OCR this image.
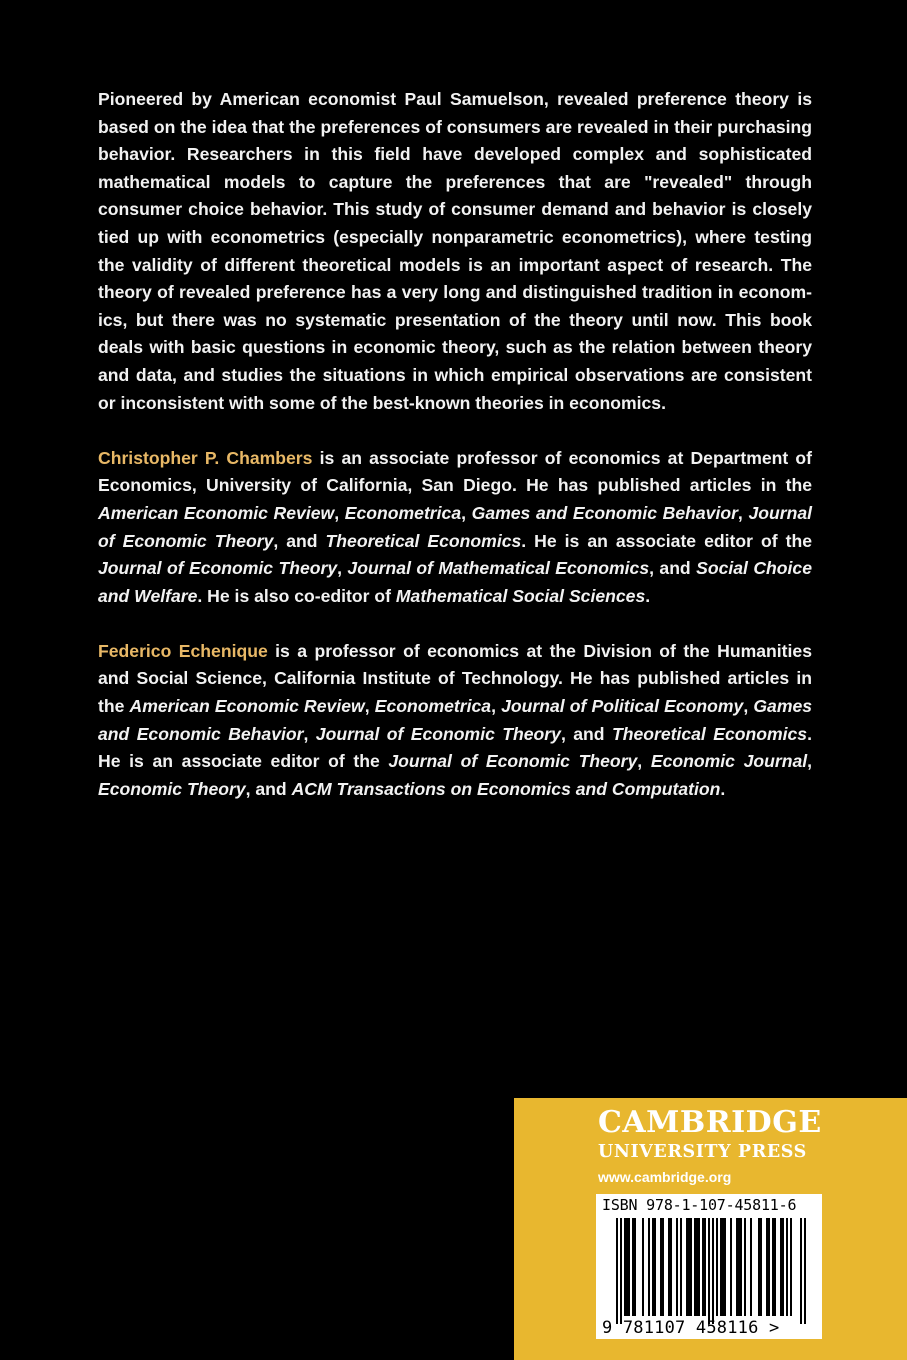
Pioneered by American economist Paul Samuelson, revealed preference theory is based on the idea that the preferences of consumers are revealed in their purchasing behavior. Researchers in this field have developed complex and sophisticated mathematical models to capture the preferences that are "revealed" through consumer choice behavior. This study of consumer demand and behavior is closely tied up with econometrics (especially nonparametric econometrics), where testing the validity of different theoretical models is an important aspect of research. The theory of revealed preference has a very long and distinguished tradition in economics, but there was no systematic presentation of the theory until now. This book deals with basic questions in economic theory, such as the relation between theory and data, and studies the situations in which empirical observations are consistent or inconsistent with some of the best-known theories in economics.

Christopher P. Chambers is an associate professor of economics at Department of Economics, University of California, San Diego. He has published articles in the American Economic Review, Econometrica, Games and Economic Behavior, Journal of Economic Theory, and Theoretical Economics. He is an associate editor of the Journal of Economic Theory, Journal of Mathematical Economics, and Social Choice and Welfare. He is also co-editor of Mathematical Social Sciences.

Federico Echenique is a professor of economics at the Division of the Humanities and Social Science, California Institute of Technology. He has published articles in the American Economic Review, Econometrica, Journal of Political Economy, Games and Economic Behavior, Journal of Economic Theory, and Theoretical Economics. He is an associate editor of the Journal of Economic Theory, Economic Journal, Economic Theory, and ACM Transactions on Economics and Computation.

CAMBRIDGE
UNIVERSITY PRESS
www.cambridge.org
ISBN 978-1-107-45811-6
9 781107 458116 >
